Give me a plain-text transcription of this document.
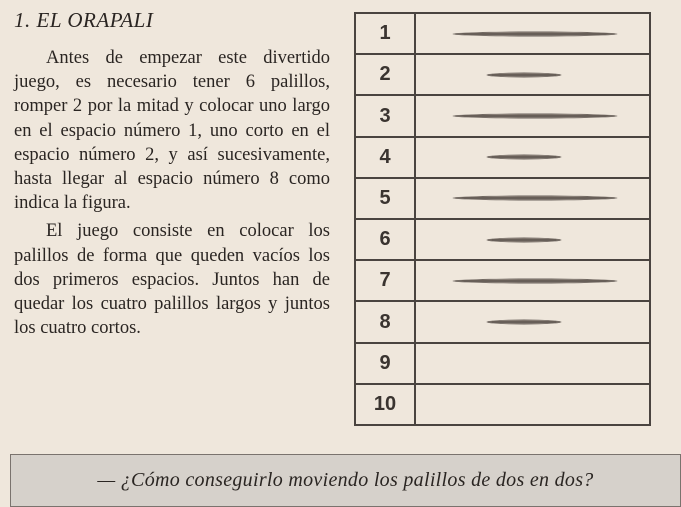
1. EL ORAPALI

Antes de empezar este divertido juego, es necesario tener 6 palillos, romper 2 por la mitad y colocar uno largo en el espacio número 1, uno corto en el espacio número 2, y así sucesivamente, hasta llegar al espacio número 8 como indica la figura.

El juego consiste en colocar los palillos de forma que queden vacíos los dos primeros espacios. Juntos han de quedar los cuatro palillos largos y juntos los cuatro cortos.

1
2
3
4
5
6
7
8
9
10
— ¿Cómo conseguirlo moviendo los palillos de dos en dos?
